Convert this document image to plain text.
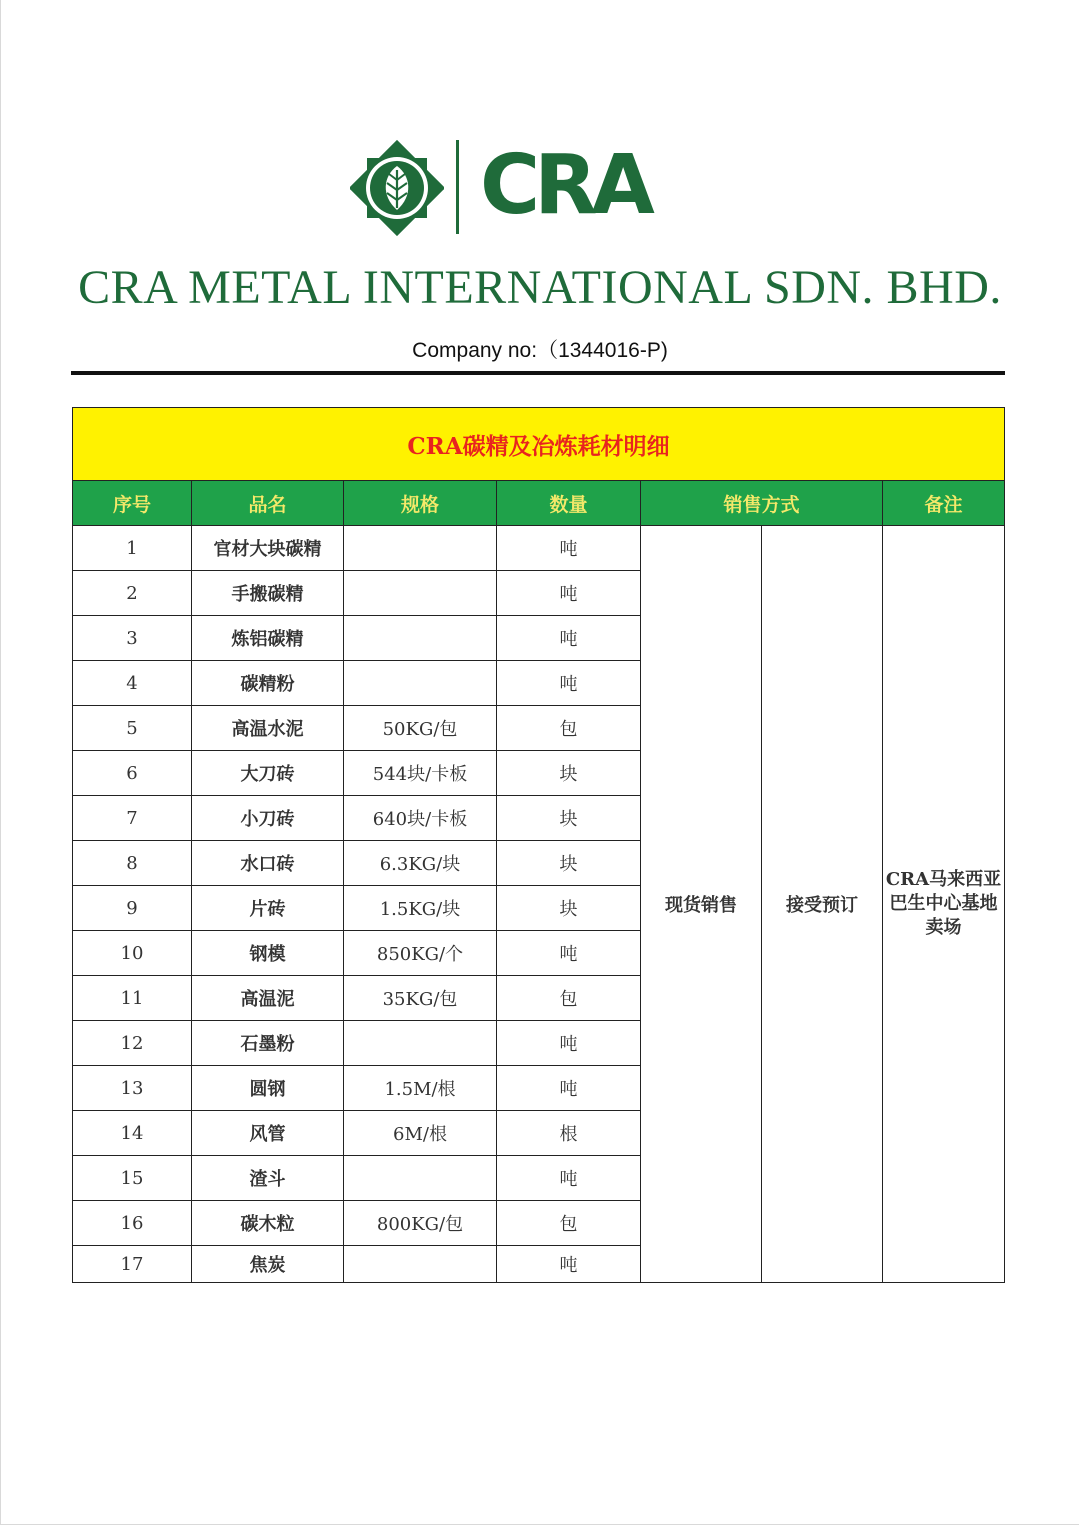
CRA
CRA METAL INTERNATIONAL SDN. BHD.
Company no:（1344016-P)
CRA碳精及冶炼耗材明细						
序号	品名	规格	数量	销售方式		备注
1	官材大块碳精		吨	现货销售	接受预订	CRA马来西亚巴生中心基地卖场
2	手搬碳精		吨			
3	炼铝碳精		吨			
4	碳精粉		吨			
5	高温水泥	50KG/包	包			
6	大刀砖	544块/卡板	块			
7	小刀砖	640块/卡板	块			
8	水口砖	6.3KG/块	块			
9	片砖	1.5KG/块	块			
10	钢模	850KG/个	吨			
11	高温泥	35KG/包	包			
12	石墨粉		吨			
13	圆钢	1.5M/根	吨			
14	风管	6M/根	根			
15	渣斗		吨			
16	碳木粒	800KG/包	包			
17	焦炭		吨			
